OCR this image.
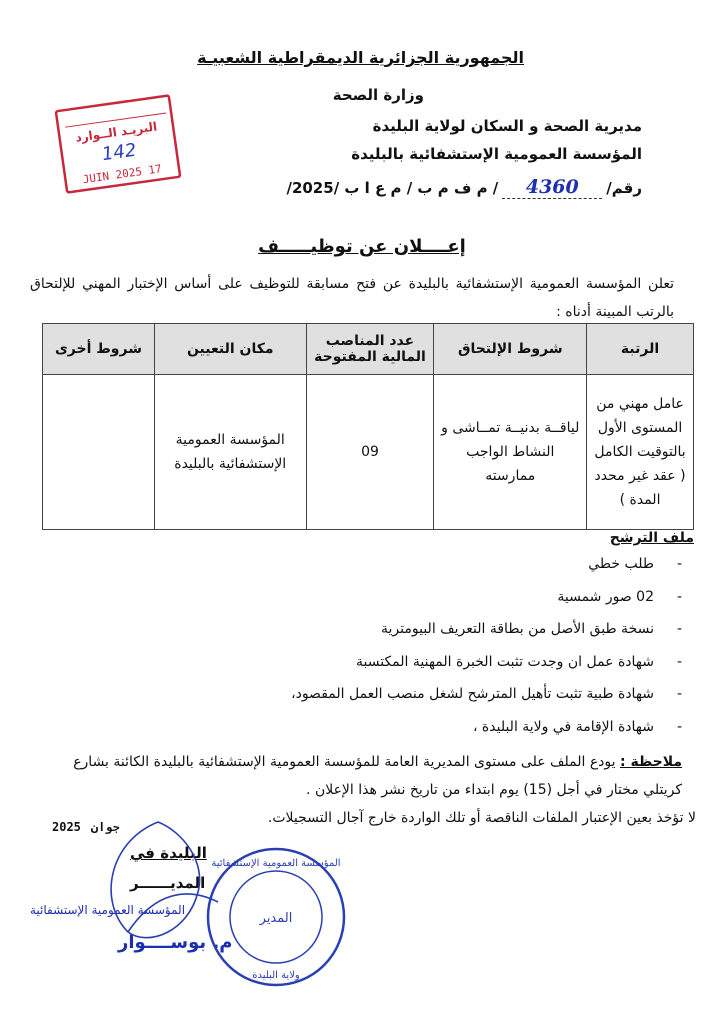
الجمهورية الجزائرية الديمقراطية الشعبيـة
وزارة الصحة
مديرية الصحة و السكان لولاية البليدة
المؤسسة العمومية الإستشفائية بالبليدة
رقم/
4360
/ م ف م ب / م ع ا ب /2025/
البريـد الــوارد
142
17 JUIN 2025
إعــــلان عن توظيـــــف
تعلن المؤسسة العمومية الإستشفائية بالبليدة عن فتح مسابقة للتوظيف على أساس الإختبار المهني للإلتحاق بالرتب المبينة أدناه :
الرتبة	شروط الإلتحاق	عدد المناصب المالية المفتوحة	مكان التعيين	شروط أخرى
عامل مهني من المستوى الأول بالتوقيت الكامل ( عقد غير محدد المدة )	لياقــة بدنيــة تمــاشى و النشاط الواجب ممارسته	09	المؤسسة العمومية الإستشفائية بالبليدة	
ملف الترشح
- طلب خطي
- 02 صور شمسية
- نسخة طبق الأصل من بطاقة التعريف البيومترية
- شهادة عمل ان وجدت تثبت الخبرة المهنية المكتسبة
- شهادة طبية تثبت تأهيل المترشح لشغل منصب العمل المقصود،
- شهادة الإقامة في ولاية البليدة ،
ملاحظة : يودع الملف على مستوى المديرية العامة للمؤسسة العمومية الإستشفائية بالبليدة الكائنة بشارع كريتلي مختار في أجل (15) يوم ابتداء من تاريخ نشر هذا الإعلان .
لا تؤخذ بعين الإعتبار الملفات الناقصة أو تلك الواردة خارج آجال التسجيلات.
2025 جوان
البليدة في
المديــــــر
المؤسسة العمومية الإستشفائية
م. بوســــوار
المؤسسة العمومية الإستشفائية
ولاية البليدة
المدير
